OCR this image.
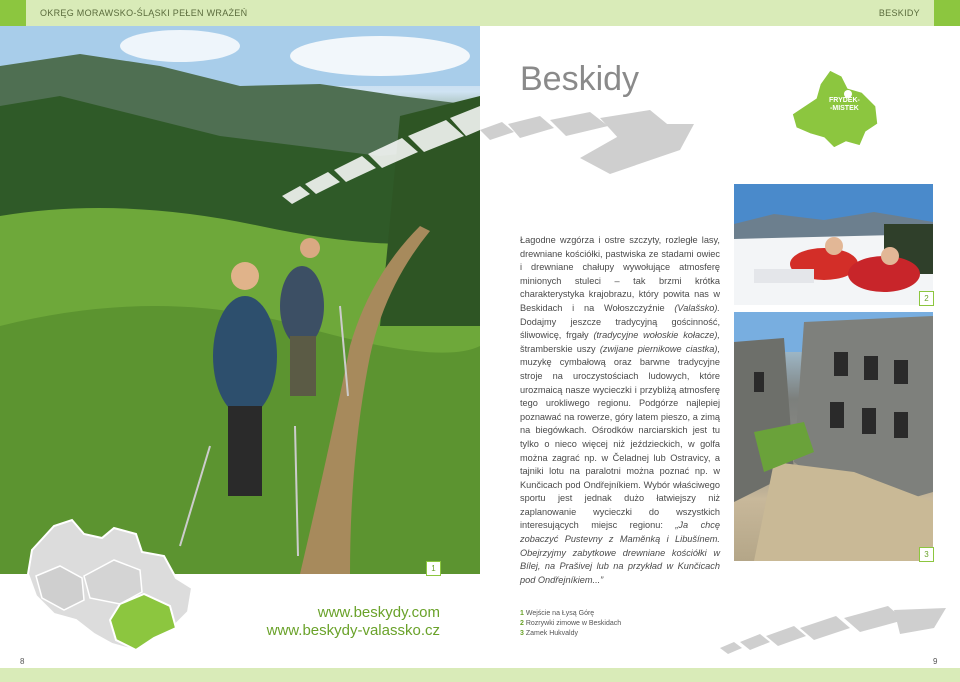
OKRĘG MORAWSKO-ŚLĄSKI PEŁEN WRAŻEŃ	BESKIDY
Beskidy
FRYDEK-
-MISTEK
Łagodne wzgórza i ostre szczyty, rozległe lasy, drewniane kościółki, pastwiska ze stadami owiec i drewniane chałupy wywołujące atmosferę minionych stuleci – tak brzmi krótka charakterystyka krajobrazu, który powita nas w Beskidach i na Wołoszczyźnie (Valašsko). Dodajmy jeszcze tradycyjną gościnność, śliwowicę, frgały (tradycyjne wołoskie kołacze), štramberskie uszy (zwijane piernikowe ciastka), muzykę cymbałową oraz barwne tradycyjne stroje na uroczystościach ludowych, które urozmaicą nasze wycieczki i przybliżą atmosferę tego urokliwego regionu. Podgórze najlepiej poznawać na rowerze, góry latem pieszo, a zimą na biegówkach. Ośrodków narciarskich jest tu tylko o nieco więcej niż jeździeckich, w golfa można zagrać np. w Čeladnej lub Ostravicy, a tajniki lotu na paralotni można poznać np. w Kunčicach pod Ondřejníkiem. Wybór właściwego sportu jest jednak dużo łatwiejszy niż zaplanowanie wycieczki do wszystkich interesujących miejsc regionu: „Ja chcę zobaczyć Pustevny z Maměnką i Libušínem. Obejrzyjmy zabytkowe drewniane kościółki w Bílej, na Prašivej lub na przykład w Kunčicach pod Ondřejníkiem...”
2
3
1
www.beskydy.com
www.beskydy-valassko.cz
1 Wejście na Łysą Górę
2 Rozrywki zimowe w Beskidach
3 Zamek Hukvaldy
8	9
